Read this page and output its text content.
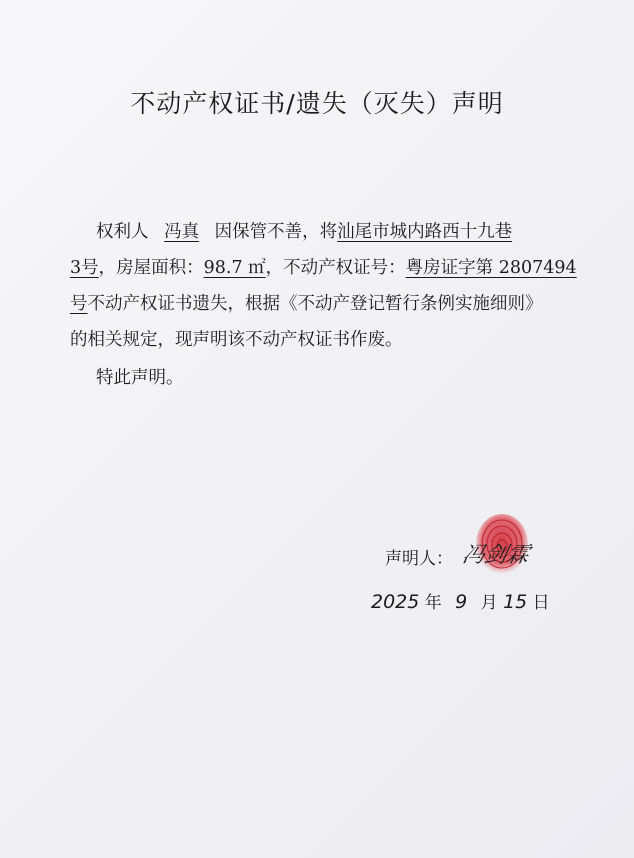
不动产权证书/遗失（灭失）声明
权利人 冯真 因保管不善，将汕尾市城内路西十九巷
3号，房屋面积：98.7 ㎡，不动产权证号：粤房证字第 2807494
号不动产权证书遗失，根据《不动产登记暂行条例实施细则》
的相关规定，现声明该不动产权证书作废。
特此声明。
声明人： 冯剑霖
2025 年 9 月 15 日
